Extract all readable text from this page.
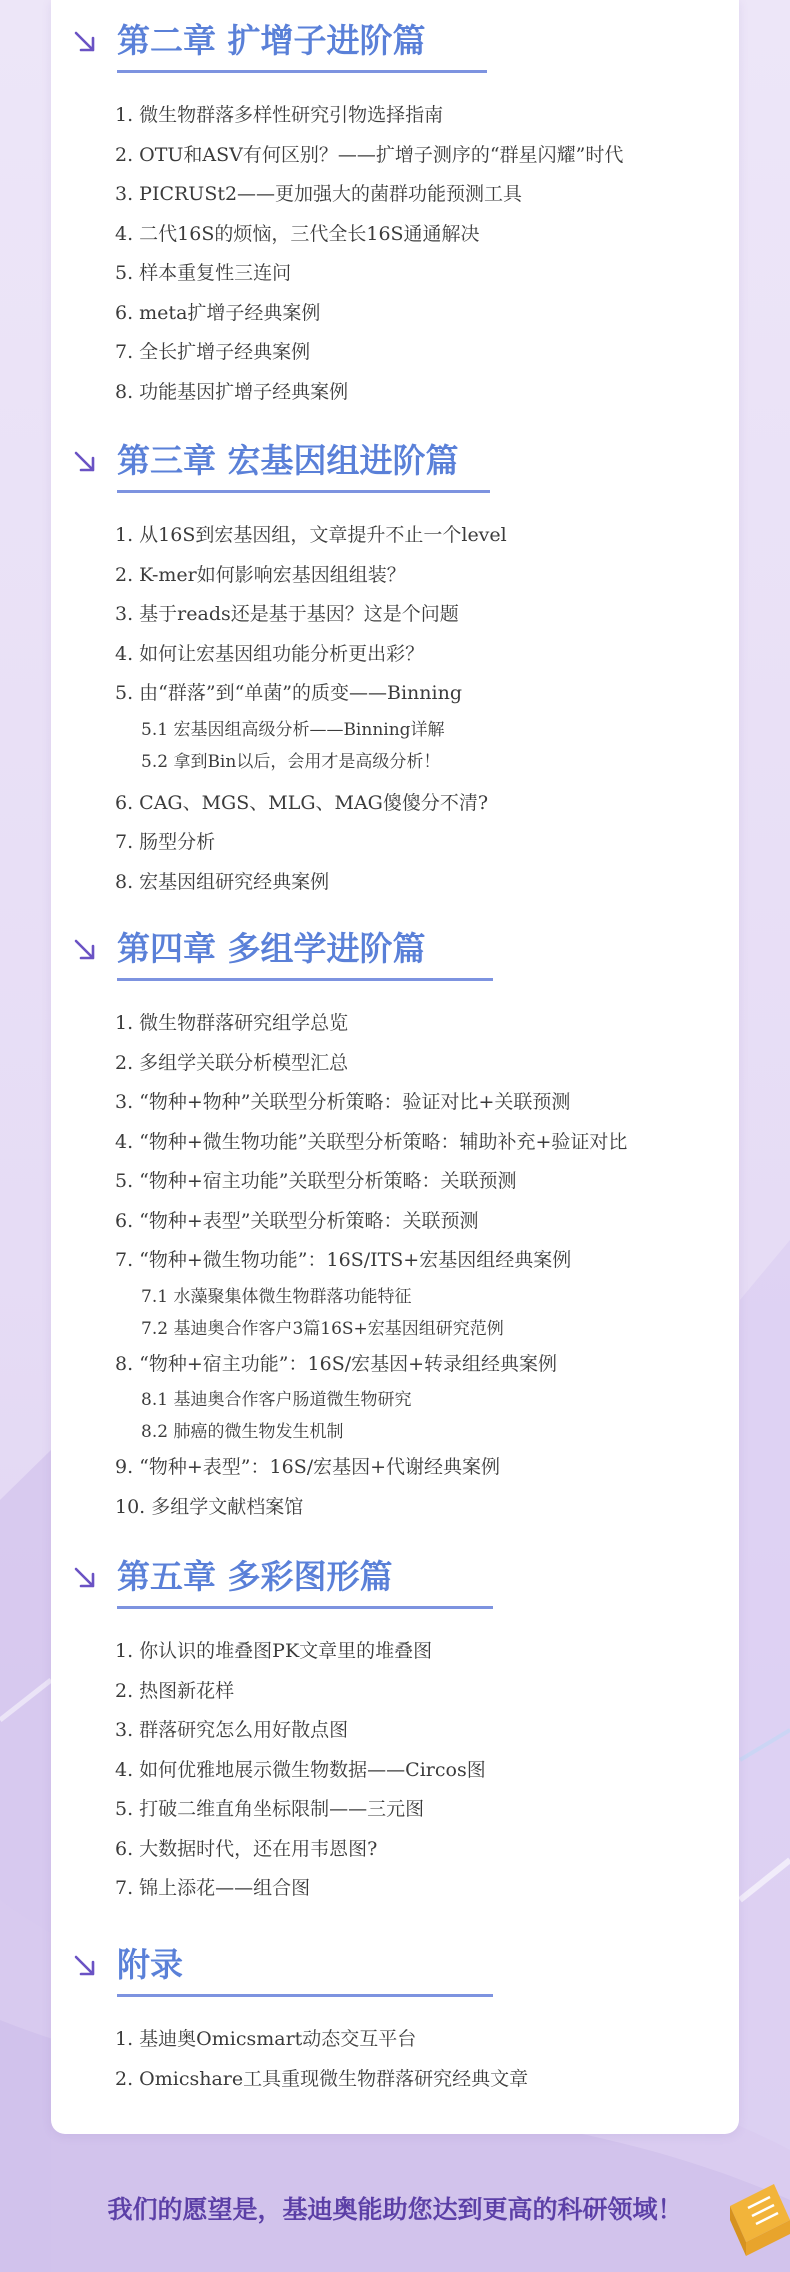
第二章 扩增子进阶篇
1. 微生物群落多样性研究引物选择指南
2. OTU和ASV有何区别？——扩增子测序的“群星闪耀”时代
3. PICRUSt2——更加强大的菌群功能预测工具
4. 二代16S的烦恼，三代全长16S通通解决
5. 样本重复性三连问
6. meta扩增子经典案例
7. 全长扩增子经典案例
8. 功能基因扩增子经典案例
第三章 宏基因组进阶篇
1. 从16S到宏基因组，文章提升不止一个level
2. K-mer如何影响宏基因组组装？
3. 基于reads还是基于基因？这是个问题
4. 如何让宏基因组功能分析更出彩？
5. 由“群落”到“单菌”的质变——Binning
5.1 宏基因组高级分析——Binning详解
5.2 拿到Bin以后，会用才是高级分析！
6. CAG、MGS、MLG、MAG傻傻分不清?
7. 肠型分析
8. 宏基因组研究经典案例
第四章 多组学进阶篇
1. 微生物群落研究组学总览
2. 多组学关联分析模型汇总
3. “物种+物种”关联型分析策略：验证对比+关联预测
4. “物种+微生物功能”关联型分析策略：辅助补充+验证对比
5. “物种+宿主功能”关联型分析策略：关联预测
6. “物种+表型”关联型分析策略：关联预测
7. “物种+微生物功能”：16S/ITS+宏基因组经典案例
7.1 水藻聚集体微生物群落功能特征
7.2 基迪奥合作客户3篇16S+宏基因组研究范例
8. “物种+宿主功能”：16S/宏基因+转录组经典案例
8.1 基迪奥合作客户肠道微生物研究
8.2 肺癌的微生物发生机制
9. “物种+表型”：16S/宏基因+代谢经典案例
10. 多组学文献档案馆
第五章 多彩图形篇
1. 你认识的堆叠图PK文章里的堆叠图
2. 热图新花样
3. 群落研究怎么用好散点图
4. 如何优雅地展示微生物数据——Circos图
5. 打破二维直角坐标限制——三元图
6. 大数据时代，还在用韦恩图?
7. 锦上添花——组合图
附录
1. 基迪奥Omicsmart动态交互平台
2. Omicshare工具重现微生物群落研究经典文章
我们的愿望是，基迪奥能助您达到更高的科研领域！
